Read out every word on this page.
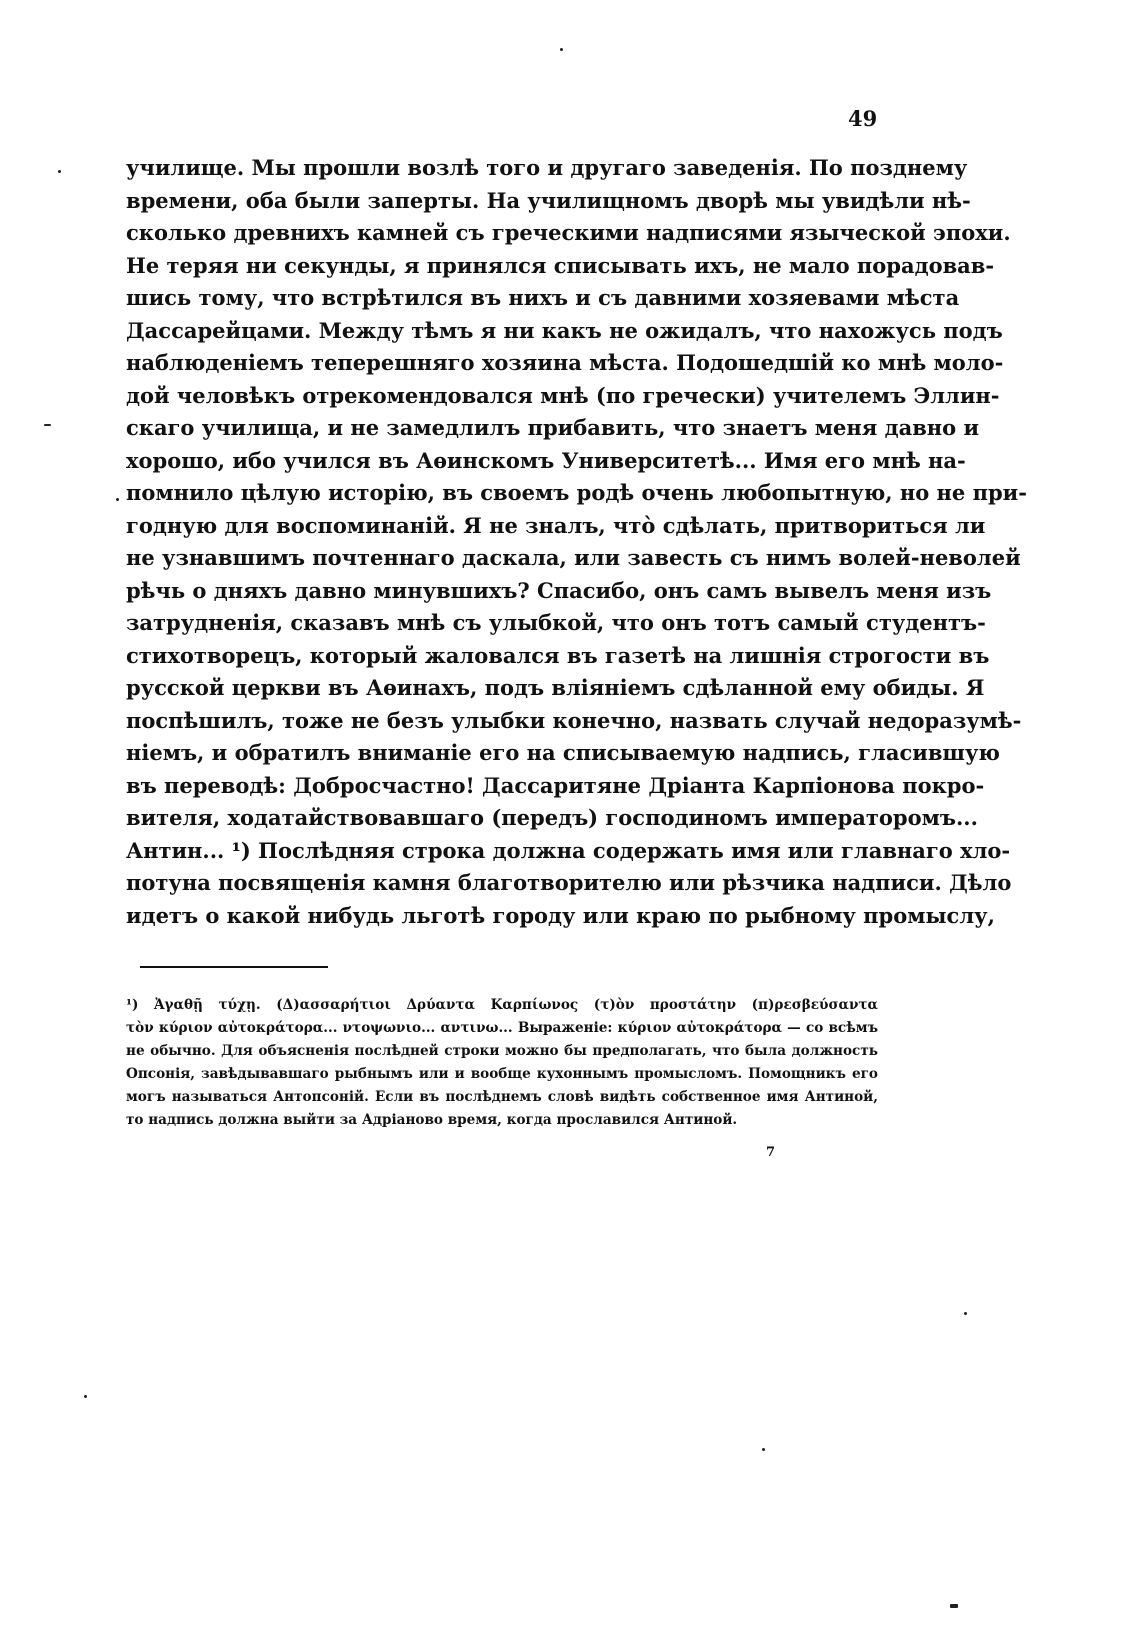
49
училище. Мы прошли возлѣ того и другаго заведенія. По позднему
времени, оба были заперты. На училищномъ дворѣ мы увидѣли нѣ-
сколько древнихъ камней съ греческими надписями языческой эпохи.
Не теряя ни секунды, я принялся списывать ихъ, не мало порадовав-
шись тому, что встрѣтился въ нихъ и съ давними хозяевами мѣста
Дассарейцами. Между тѣмъ я ни какъ не ожидалъ, что нахожусь подъ
наблюденіемъ теперешняго хозяина мѣста. Подошедшій ко мнѣ моло-
дой человѣкъ отрекомендовался мнѣ (по гречески) учителемъ Эллин-
скаго училища, и не замедлилъ прибавить, что знаетъ меня давно и
хорошо, ибо учился въ Аѳинскомъ Университетѣ... Имя его мнѣ на-
помнило цѣлую исторію, въ своемъ родѣ очень любопытную, но не при-
годную для воспоминаній. Я не зналъ, что̀ сдѣлать, притвориться ли
не узнавшимъ почтеннаго даскала, или завесть съ нимъ волей-неволей
рѣчь о дняхъ давно минувшихъ? Спасибо, онъ самъ вывелъ меня изъ
затрудненія, сказавъ мнѣ съ улыбкой, что онъ тотъ самый студентъ-
стихотворецъ, который жаловался въ газетѣ на лишнія строгости въ
русской церкви въ Аѳинахъ, подъ вліяніемъ сдѣланной ему обиды. Я
поспѣшилъ, тоже не безъ улыбки конечно, назвать случай недоразумѣ-
ніемъ, и обратилъ вниманіе его на списываемую надпись, гласившую
въ переводѣ: Добросчастно! Дассаритяне Дріанта Карпіонова покро-
вителя, ходатайствовавшаго (передъ) господиномъ императоромъ...
Антин... ¹) Послѣдняя строка должна содержать имя или главнаго хло-
потуна посвященія камня благотворителю или рѣзчика надписи. Дѣло
идетъ о какой нибудь льготѣ городу или краю по рыбному промыслу,
¹) Ἀγαθῇ τύχῃ. (Δ)ασσαρήτιοι Δρύαντα Καρπίωνος (τ)ὸν προστάτην (π)ρεσβεύσαντα
τὸν κύριον αὐτοκράτορα... ντοψωνιο... αντινω... Выраженіе: κύριον αὐτοκράτορα — со всѣмъ
не обычно. Для объясненія послѣдней строки можно бы предполагать, что была должность
Опсонія, завѣдывавшаго рыбнымъ или и вообще кухоннымъ промысломъ. Помощникъ его
могъ называться Антопсоній. Если въ послѣднемъ словѣ видѣть собственное имя Антиной,
то надпись должна выйти за Адріаново время, когда прославился Антиной.
7
